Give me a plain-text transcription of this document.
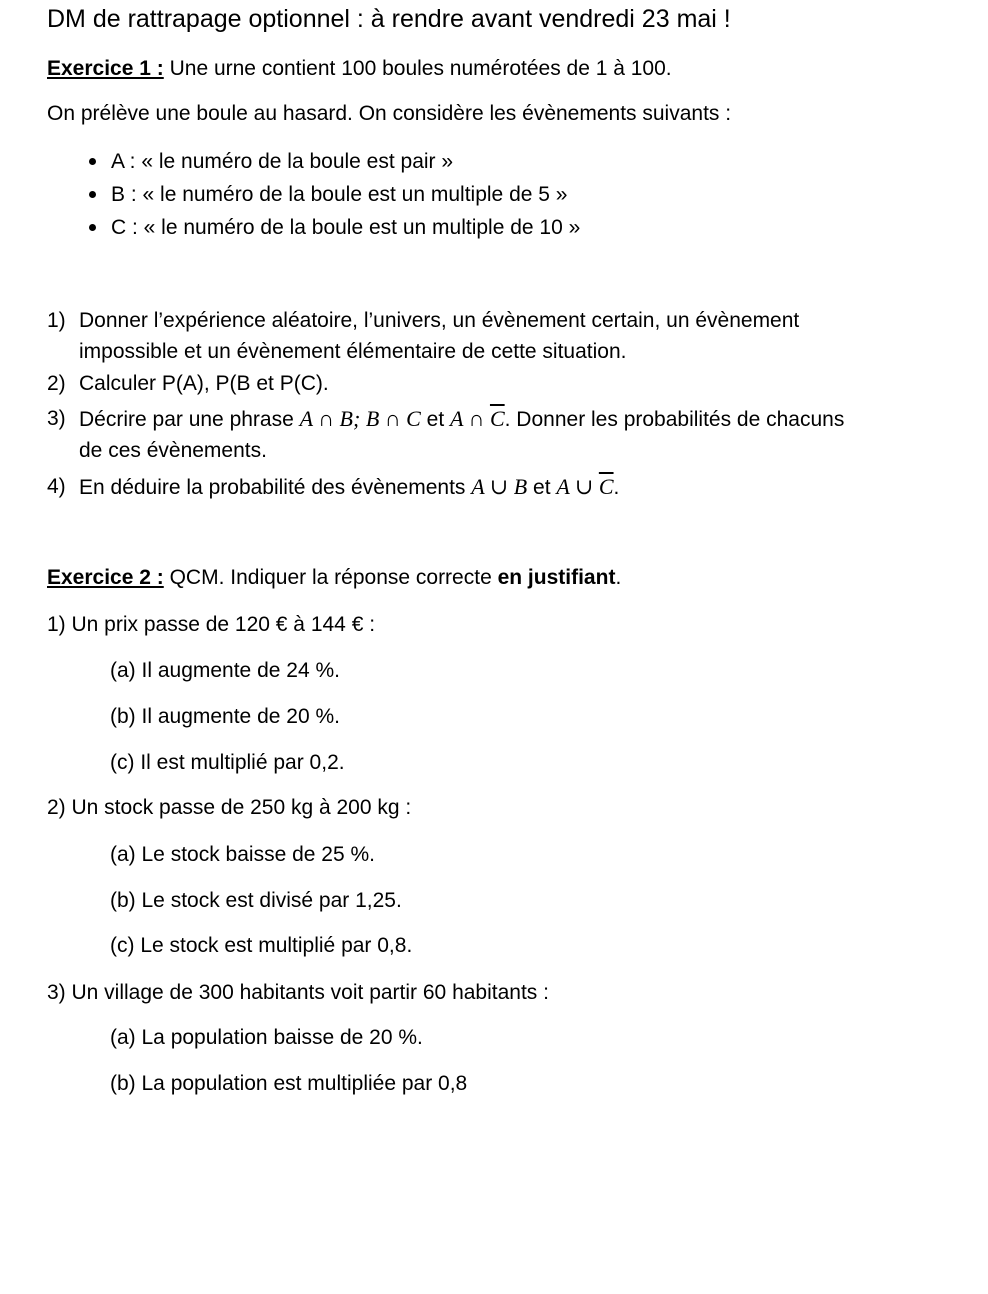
DM de rattrapage optionnel : à rendre avant vendredi 23 mai !
Exercice 1 : Une urne contient 100 boules numérotées de 1 à 100.
On prélève une boule au hasard. On considère les évènements suivants :
A : « le numéro de la boule est pair »
B : « le numéro de la boule est un multiple de 5 »
C : « le numéro de la boule est un multiple de 10 »
1) Donner l’expérience aléatoire, l’univers, un évènement certain, un évènement
impossible et un évènement élémentaire de cette situation.
2) Calculer P(A), P(B et P(C).
3) Décrire par une phrase A ∩ B; B ∩ C et A ∩ $\overline{C}$. Donner les probabilités de chacuns
de ces évènements.
4) En déduire la probabilité des évènements A ∪ B et A ∪ $\overline{C}$.
Exercice 2 : QCM. Indiquer la réponse correcte en justifiant.
1) Un prix passe de 120 € à 144 € :
(a) Il augmente de 24 %.
(b) Il augmente de 20 %.
(c) Il est multiplié par 0,2.
2) Un stock passe de 250 kg à 200 kg :
(a) Le stock baisse de 25 %.
(b) Le stock est divisé par 1,25.
(c) Le stock est multiplié par 0,8.
3) Un village de 300 habitants voit partir 60 habitants :
(a) La population baisse de 20 %.
(b) La population est multipliée par 0,8
